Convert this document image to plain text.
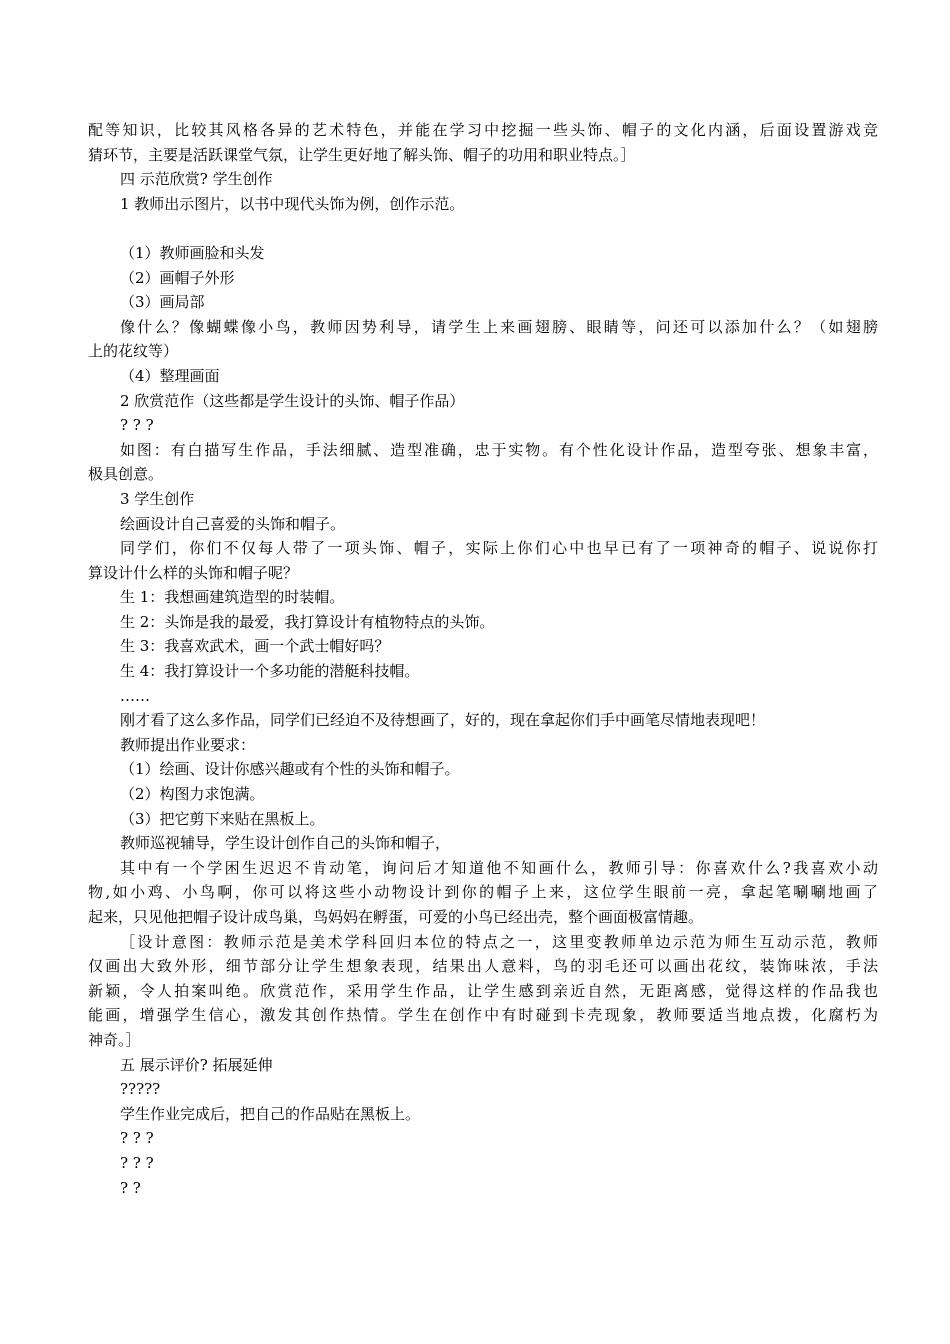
配等知识，比较其风格各异的艺术特色，并能在学习中挖掘一些头饰、帽子的文化内涵，后面设置游戏竞
猜环节，主要是活跃课堂气氛，让学生更好地了解头饰、帽子的功用和职业特点。］
四 示范欣赏? 学生创作
1 教师出示图片，以书中现代头饰为例，创作示范。
（1）教师画脸和头发
（2）画帽子外形
（3）画局部
像什么？像蝴蝶像小鸟，教师因势利导，请学生上来画翅膀、眼睛等，问还可以添加什么？（如翅膀
上的花纹等）
（4）整理画面
2 欣赏范作（这些都是学生设计的头饰、帽子作品）
? ? ?
如图：有白描写生作品，手法细腻、造型准确，忠于实物。有个性化设计作品，造型夸张、想象丰富，
极具创意。
3 学生创作
绘画设计自己喜爱的头饰和帽子。
同学们，你们不仅每人带了一项头饰、帽子，实际上你们心中也早已有了一项神奇的帽子、说说你打
算设计什么样的头饰和帽子呢？
生 1：我想画建筑造型的时装帽。
生 2：头饰是我的最爱，我打算设计有植物特点的头饰。
生 3：我喜欢武术，画一个武士帽好吗？
生 4：我打算设计一个多功能的潜艇科技帽。
……
刚才看了这么多作品，同学们已经迫不及待想画了，好的，现在拿起你们手中画笔尽情地表现吧！
教师提出作业要求：
（1）绘画、设计你感兴趣或有个性的头饰和帽子。
（2）构图力求饱满。
（3）把它剪下来贴在黑板上。
教师巡视辅导，学生设计创作自己的头饰和帽子，
其中有一个学困生迟迟不肯动笔，询问后才知道他不知画什么，教师引导：你喜欢什么?我喜欢小动
物,如小鸡、小鸟啊，你可以将这些小动物设计到你的帽子上来，这位学生眼前一亮，拿起笔唰唰地画了
起来，只见他把帽子设计成鸟巢，鸟妈妈在孵蛋，可爱的小鸟已经出壳，整个画面极富情趣。
［设计意图：教师示范是美术学科回归本位的特点之一，这里变教师单边示范为师生互动示范，教师
仅画出大致外形，细节部分让学生想象表现，结果出人意料，鸟的羽毛还可以画出花纹，装饰味浓，手法
新颖，令人拍案叫绝。欣赏范作，采用学生作品，让学生感到亲近自然，无距离感，觉得这样的作品我也
能画，增强学生信心，激发其创作热情。学生在创作中有时碰到卡壳现象，教师要适当地点拨，化腐朽为
神奇。］
五 展示评价? 拓展延伸
?????
学生作业完成后，把自己的作品贴在黑板上。
? ? ?
? ? ?
? ?
